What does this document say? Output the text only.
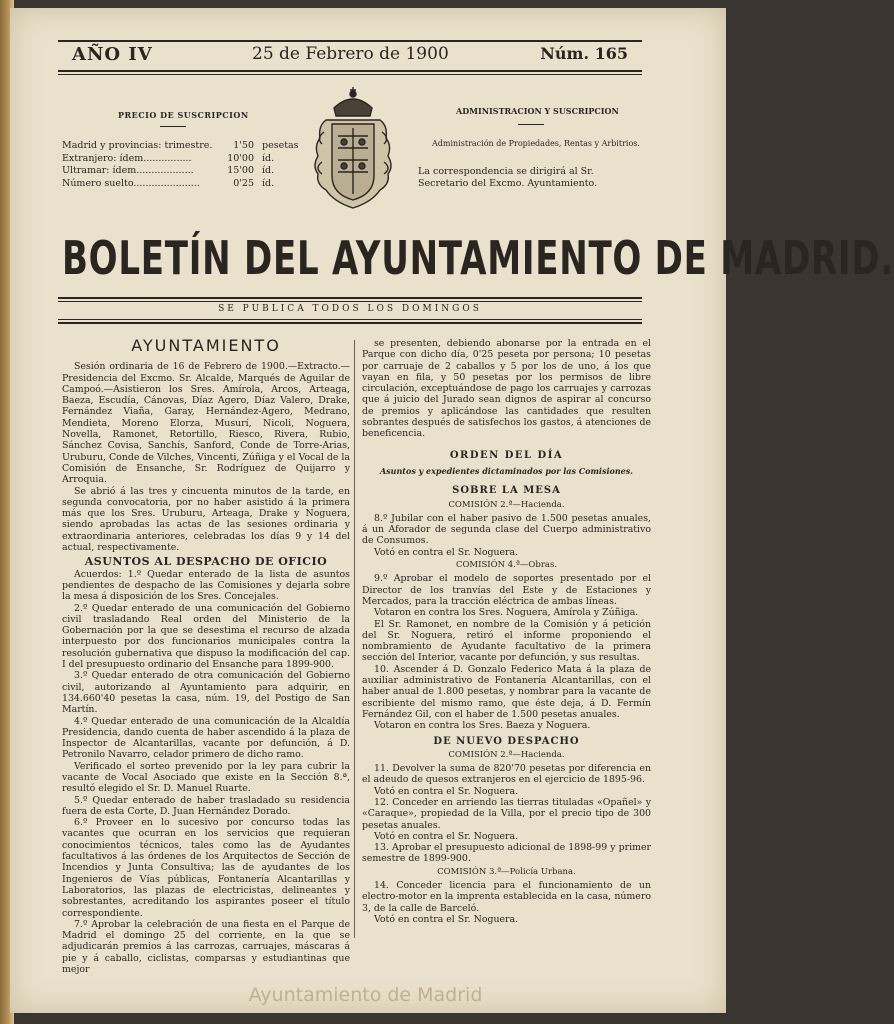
AÑO IV	25 de Febrero de 1900	Núm. 165
PRECIO DE SUSCRIPCION
Madrid y provincias: trimestre.	1'50 pesetas
Extranjero: ídem................	10'00 íd.
Ultramar: ídem...................	15'00 íd.
Número suelto......................	0'25 íd.
ADMINISTRACION Y SUSCRIPCION
Administración de Propiedades, Rentas y Arbitrios.
La correspondencia se dirigirá al Sr. Secretario del Excmo. Ayuntamiento.
BOLETÍN DEL AYUNTAMIENTO DE MADRID.
SE PUBLICA TODOS LOS DOMINGOS
AYUNTAMIENTO

Sesión ordinaria de 16 de Febrero de 1900.—Extracto.—Presidencia del Excmo. Sr. Alcalde, Marqués de Aguilar de Campoó.—Asistieron los Sres. Amírola, Arcos, Arteaga, Baeza, Escudía, Cánovas, Díaz Agero, Díaz Valero, Drake, Fernández Viaña, Garay, Hernández-Agero, Medrano, Mendieta, Moreno Elorza, Musurí, Nicoli, Noguera, Novella, Ramonet, Retortillo, Riesco, Rivera, Rubio, Sánchez Covisa, Sanchís, Sanford, Conde de Torre-Arias, Uruburu, Conde de Vilches, Vincenti, Zúñiga y el Vocal de la Comisión de Ensanche, Sr. Rodríguez de Quijarro y Arroquia.

Se abrió á las tres y cincuenta minutos de la tarde, en segunda convocatoria, por no haber asistido á la primera más que los Sres. Uruburu, Arteaga, Drake y Noguera, siendo aprobadas las actas de las sesiones ordinaria y extraordinaria anteriores, celebradas los días 9 y 14 del actual, respectivamente.

ASUNTOS AL DESPACHO DE OFICIO

Acuerdos: 1.º Quedar enterado de la lista de asuntos pendientes de despacho de las Comisiones y dejarla sobre la mesa á disposición de los Sres. Concejales.

2.º Quedar enterado de una comunicación del Gobierno civil trasladando Real orden del Ministerio de la Gobernación por la que se desestima el recurso de alzada interpuesto por dos funcionarios municipales contra la resolución gubernativa que dispuso la modificación del cap. I del presupuesto ordinario del Ensanche para 1899-900.

3.º Quedar enterado de otra comunicación del Gobierno civil, autorizando al Ayuntamiento para adquirir, en 134.660'40 pesetas la casa, núm. 19, del Postigo de San Martín.

4.º Quedar enterado de una comunicación de la Alcaldía Presidencia, dando cuenta de haber ascendido á la plaza de Inspector de Alcantarillas, vacante por defunción, á D. Petronilo Navarro, celador primero de dicho ramo.

Verificado el sorteo prevenido por la ley para cubrir la vacante de Vocal Asociado que existe en la Sección 8.ª, resultó elegido el Sr. D. Manuel Ruarte.

5.º Quedar enterado de haber trasladado su residencia fuera de esta Corte, D. Juan Hernández Dorado.

6.º Proveer en lo sucesivo por concurso todas las vacantes que ocurran en los servicios que requieran conocimientos técnicos, tales como las de Ayudantes facultativos á las órdenes de los Arquitectos de Sección de Incendios y Junta Consultiva; las de ayudantes de los Ingenieros de Vías públicas, Fontanería Alcantarillas y Laboratorios, las plazas de electricistas, delineantes y sobrestantes, acreditando los aspirantes poseer el título correspondiente.

7.º Aprobar la celebración de una fiesta en el Parque de Madrid el domingo 25 del corriente, en la que se adjudicarán premios á las carrozas, carruajes, máscaras á pie y á caballo, ciclistas, comparsas y estudiantinas que mejor

se presenten, debiendo abonarse por la entrada en el Parque con dicho día, 0'25 peseta por persona; 10 pesetas por carruaje de 2 caballos y 5 por los de uno, á los que vayan en fila, y 50 pesetas por los permisos de libre circulación, exceptuándose de pago los carruajes y carrozas que á juicio del Jurado sean dignos de aspirar al concurso de premios y aplicándose las cantidades que resulten sobrantes después de satisfechos los gastos, á atenciones de beneficencia.

ORDEN DEL DÍA
Asuntos y expedientes dictaminados por las Comisiones.
SOBRE LA MESA
COMISIÓN 2.ª—Hacienda.

8.º Jubilar con el haber pasivo de 1.500 pesetas anuales, á un Aforador de segunda clase del Cuerpo administrativo de Consumos.

Votó en contra el Sr. Noguera.

COMISIÓN 4.ª—Obras.

9.º Aprobar el modelo de soportes presentado por el Director de los tranvías del Este y de Estaciones y Mercados, para la tracción eléctrica de ambas líneas.

Votaron en contra los Sres. Noguera, Amírola y Zúñiga.

El Sr. Ramonet, en nombre de la Comisión y á petición del Sr. Noguera, retiró el informe proponiendo el nombramiento de Ayudante facultativo de la primera sección del Interior, vacante por defunción, y sus resultas.

10. Ascender á D. Gonzalo Federico Mata á la plaza de auxiliar administrativo de Fontanería Alcantarillas, con el haber anual de 1.800 pesetas, y nombrar para la vacante de escribiente del mismo ramo, que éste deja, á D. Fermín Fernández Gil, con el haber de 1.500 pesetas anuales.

Votaron en contra los Sres. Baeza y Noguera.

DE NUEVO DESPACHO
COMISIÓN 2.ª—Hacienda.

11. Devolver la suma de 820'70 pesetas por diferencia en el adeudo de quesos extranjeros en el ejercicio de 1895-96.

Votó en contra el Sr. Noguera.

12. Conceder en arriendo las tierras tituladas «Opañel» y «Caraque», propiedad de la Villa, por el precio tipo de 300 pesetas anuales.

Votó en contra el Sr. Noguera.

13. Aprobar el presupuesto adicional de 1898-99 y primer semestre de 1899-900.

COMISIÓN 3.ª—Policía Urbana.

14. Conceder licencia para el funcionamiento de un electro-motor en la imprenta establecida en la casa, número 3, de la calle de Barceló.

Votó en contra el Sr. Noguera.

Ayuntamiento de Madrid
